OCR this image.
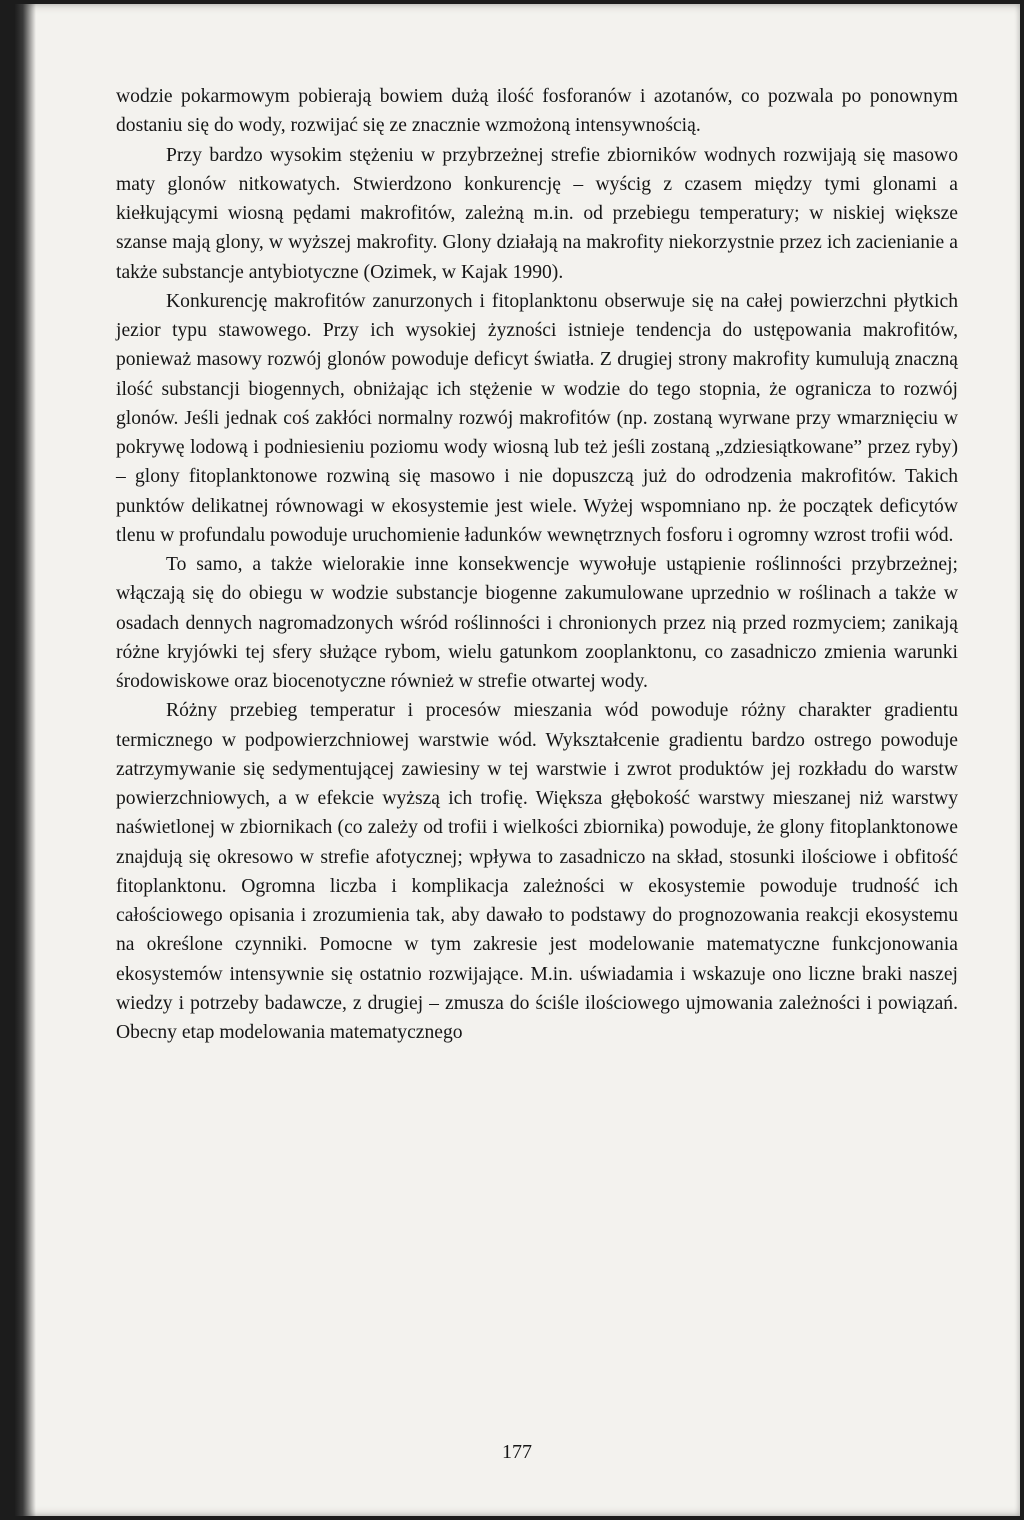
wodzie pokarmowym pobierają bowiem dużą ilość fosforanów i azotanów, co pozwala po ponownym dostaniu się do wody, rozwijać się ze znacznie wzmożoną intensywnością.

Przy bardzo wysokim stężeniu w przybrzeżnej strefie zbiorników wodnych rozwijają się masowo maty glonów nitkowatych. Stwierdzono konkurencję – wyścig z czasem między tymi glonami a kiełkującymi wiosną pędami makrofitów, zależną m.in. od przebiegu temperatury; w niskiej większe szanse mają glony, w wyższej makrofity. Glony działają na makrofity niekorzystnie przez ich zacienianie a także substancje antybiotyczne (Ozimek, w Kajak 1990).

Konkurencję makrofitów zanurzonych i fitoplanktonu obserwuje się na całej powierzchni płytkich jezior typu stawowego. Przy ich wysokiej żyzności istnieje tendencja do ustępowania makrofitów, ponieważ masowy rozwój glonów powoduje deficyt światła. Z drugiej strony makrofity kumulują znaczną ilość substancji biogennych, obniżając ich stężenie w wodzie do tego stopnia, że ogranicza to rozwój glonów. Jeśli jednak coś zakłóci normalny rozwój makrofitów (np. zostaną wyrwane przy wmarznięciu w pokrywę lodową i podniesieniu poziomu wody wiosną lub też jeśli zostaną „zdziesiątkowane” przez ryby) – glony fitoplanktonowe rozwiną się masowo i nie dopuszczą już do odrodzenia makrofitów. Takich punktów delikatnej równowagi w ekosystemie jest wiele. Wyżej wspomniano np. że początek deficytów tlenu w profundalu powoduje uruchomienie ładunków wewnętrznych fosforu i ogromny wzrost trofii wód.

To samo, a także wielorakie inne konsekwencje wywołuje ustąpienie roślinności przybrzeżnej; włączają się do obiegu w wodzie substancje biogenne zakumulowane uprzednio w roślinach a także w osadach dennych nagromadzonych wśród roślinności i chronionych przez nią przed rozmyciem; zanikają różne kryjówki tej sfery służące rybom, wielu gatunkom zooplanktonu, co zasadniczo zmienia warunki środowiskowe oraz biocenotyczne również w strefie otwartej wody.

Różny przebieg temperatur i procesów mieszania wód powoduje różny charakter gradientu termicznego w podpowierzchniowej warstwie wód. Wykształcenie gradientu bardzo ostrego powoduje zatrzymywanie się sedymentującej zawiesiny w tej warstwie i zwrot produktów jej rozkładu do warstw powierzchniowych, a w efekcie wyższą ich trofię. Większa głębokość warstwy mieszanej niż warstwy naświetlonej w zbiornikach (co zależy od trofii i wielkości zbiornika) powoduje, że glony fitoplanktonowe znajdują się okresowo w strefie afotycznej; wpływa to zasadniczo na skład, stosunki ilościowe i obfitość fitoplanktonu. Ogromna liczba i komplikacja zależności w ekosystemie powoduje trudność ich całościowego opisania i zrozumienia tak, aby dawało to podstawy do prognozowania reakcji ekosystemu na określone czynniki. Pomocne w tym zakresie jest modelowanie matematyczne funkcjonowania ekosystemów intensywnie się ostatnio rozwijające. M.in. uświadamia i wskazuje ono liczne braki naszej wiedzy i potrzeby badawcze, z drugiej – zmusza do ściśle ilościowego ujmowania zależności i powiązań. Obecny etap modelowania matematycznego

177
